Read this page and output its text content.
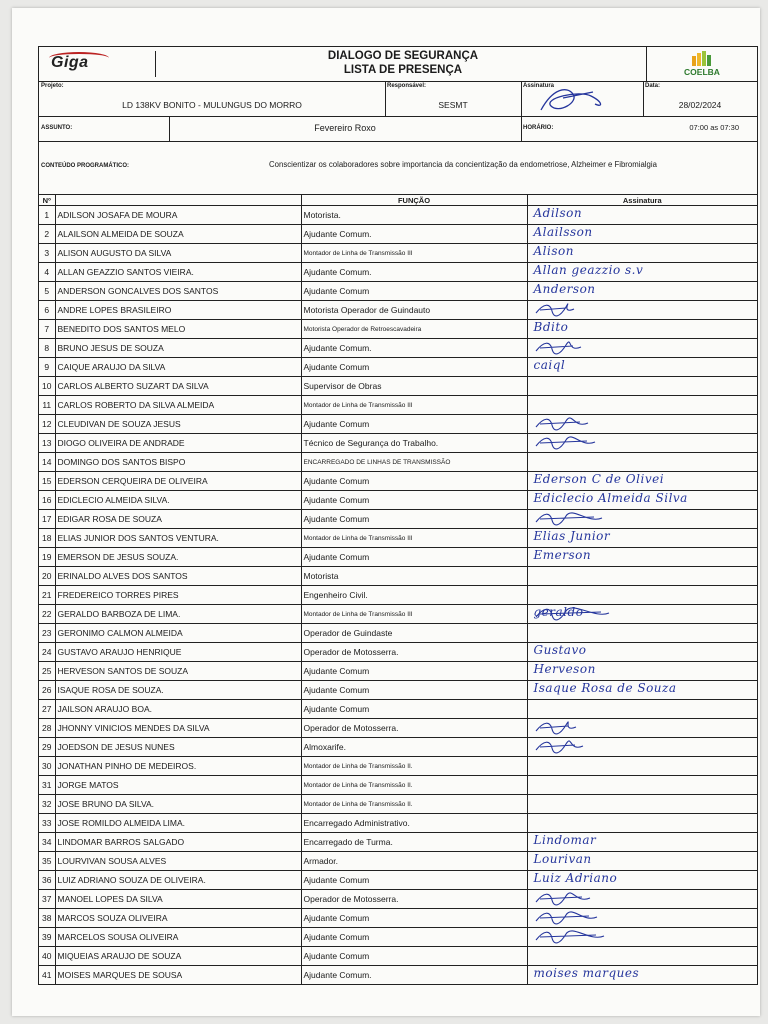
Giga	DIALOGO DE SEGURANÇA
LISTA DE PRESENÇA	COELBA
Projeto:
LD 138KV BONITO - MULUNGUS DO MORRO
Responsável:
SESMT
Assinatura	Data:
28/02/2024
ASSUNTO:	Fevereiro Roxo	HORÁRIO:	07:00 as 07:30
CONTEÚDO PROGRAMÁTICO:	Conscientizar os colaboradores sobre importancia da concientização da endometriose, Alzheimer e Fibromialgia
Nº		FUNÇÃO	Assinatura
1	ADILSON JOSAFA DE MOURA	Motorista.	Adilson

2	ALAILSON ALMEIDA DE SOUZA	Ajudante Comum.	Alailsson

3	ALISON AUGUSTO DA SILVA	Montador de Linha de Transmissão III	Alison

4	ALLAN GEAZZIO SANTOS VIEIRA.	Ajudante Comum.	Allan geazzio s.v

5	ANDERSON GONCALVES DOS SANTOS	Ajudante Comum	Anderson

6	ANDRE LOPES BRASILEIRO	Motorista Operador de Guindauto	

7	BENEDITO DOS SANTOS MELO	Motorista Operador de Retroescavadeira	Bdito

8	BRUNO JESUS DE SOUZA	Ajudante Comum.	

9	CAIQUE ARAUJO DA SILVA	Ajudante Comum	caiql

10	CARLOS ALBERTO SUZART DA SILVA	Supervisor de Obras	
11	CARLOS ROBERTO DA SILVA ALMEIDA	Montador de Linha de Transmissão III	
12	CLEUDIVAN DE SOUZA JESUS	Ajudante Comum	

13	DIOGO OLIVEIRA DE ANDRADE	Técnico de Segurança do Trabalho.	

14	DOMINGO DOS SANTOS BISPO	ENCARREGADO DE LINHAS DE TRANSMISSÃO	
15	EDERSON CERQUEIRA DE OLIVEIRA	Ajudante Comum	Ederson C de Olivei

16	EDICLECIO ALMEIDA SILVA.	Ajudante Comum	Ediclecio Almeida Silva

17	EDIGAR ROSA DE SOUZA	Ajudante Comum	

18	ELIAS JUNIOR DOS SANTOS VENTURA.	Montador de Linha de Transmissão III	Elias Junior

19	EMERSON DE JESUS SOUZA.	Ajudante Comum	Emerson

20	ERINALDO ALVES DOS SANTOS	Motorista	
21	FREDEREICO TORRES PIRES	Engenheiro Civil.	
22	GERALDO BARBOZA DE LIMA.	Montador de Linha de Transmissão III	geraldo

23	GERONIMO CALMON ALMEIDA	Operador de Guindaste	
24	GUSTAVO ARAUJO HENRIQUE	Operador de Motosserra.	Gustavo

25	HERVESON SANTOS DE SOUZA	Ajudante Comum	Herveson

26	ISAQUE ROSA DE SOUZA.	Ajudante Comum	Isaque Rosa de Souza

27	JAILSON ARAUJO BOA.	Ajudante Comum	
28	JHONNY VINICIOS MENDES DA SILVA	Operador de Motosserra.	

29	JOEDSON DE JESUS NUNES	Almoxarife.	

30	JONATHAN PINHO DE MEDEIROS.	Montador de Linha de Transmissão II.	
31	JORGE MATOS	Montador de Linha de Transmissão II.	
32	JOSE BRUNO DA SILVA.	Montador de Linha de Transmissão II.	
33	JOSE ROMILDO ALMEIDA LIMA.	Encarregado Administrativo.	
34	LINDOMAR BARROS SALGADO	Encarregado de Turma.	Lindomar

35	LOURVIVAN SOUSA ALVES	Armador.	Lourivan

36	LUIZ ADRIANO SOUZA DE OLIVEIRA.	Ajudante Comum	Luiz Adriano

37	MANOEL LOPES DA SILVA	Operador de Motosserra.	

38	MARCOS SOUZA OLIVEIRA	Ajudante Comum	

39	MARCELOS SOUSA OLIVEIRA	Ajudante Comum	

40	MIQUEIAS ARAUJO DE SOUZA	Ajudante Comum	
41	MOISES MARQUES DE SOUSA	Ajudante Comum.	moises marques
